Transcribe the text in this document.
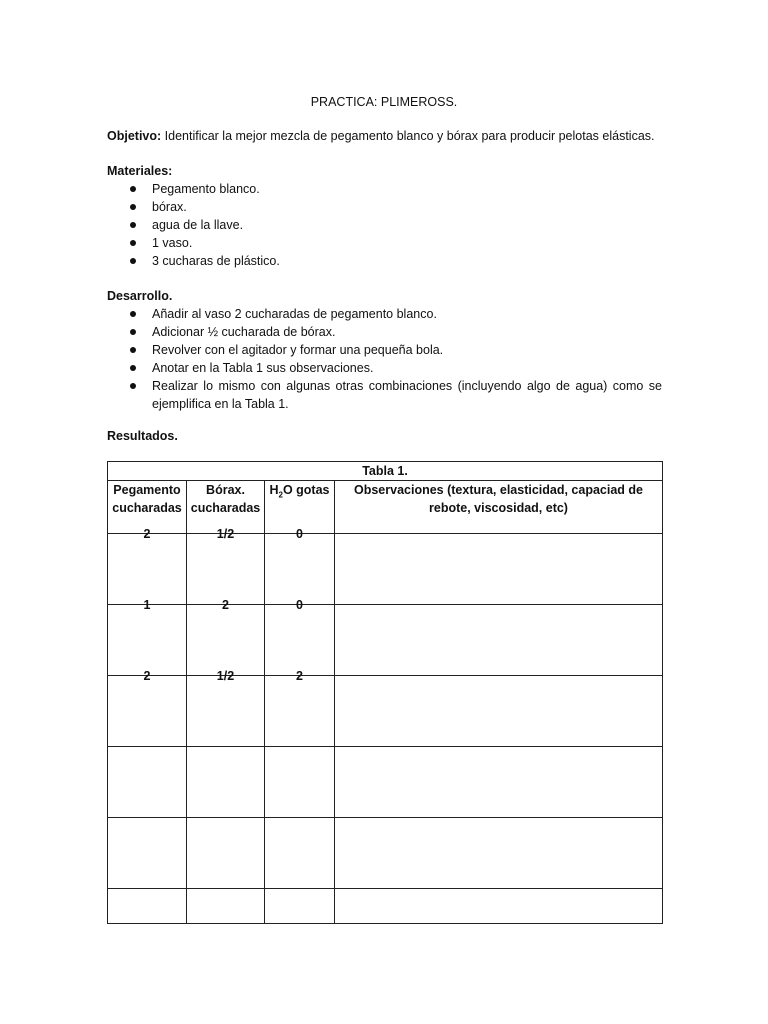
PRACTICA: PLIMEROSS.
Objetivo: Identificar la mejor mezcla de pegamento blanco y bórax para producir pelotas elásticas.
Materiales:
Pegamento blanco.
bórax.
agua de la llave.
1 vaso.
3 cucharas de plástico.
Desarrollo.
Añadir al vaso 2 cucharadas de pegamento blanco.
Adicionar ½ cucharada de bórax.
Revolver con el agitador y formar una pequeña bola.
Anotar en la Tabla 1 sus observaciones.
Realizar lo mismo con algunas otras combinaciones (incluyendo algo de agua) como se ejemplifica en la Tabla 1.
Resultados.
Tabla 1.			
Pegamento cucharadas	Bórax. cucharadas	$H_2O$ gotas	Observaciones (textura, elasticidad, capaciad de rebote, viscosidad, etc)
2	1/2	0	
1	2	0	
2	1/2	2	
